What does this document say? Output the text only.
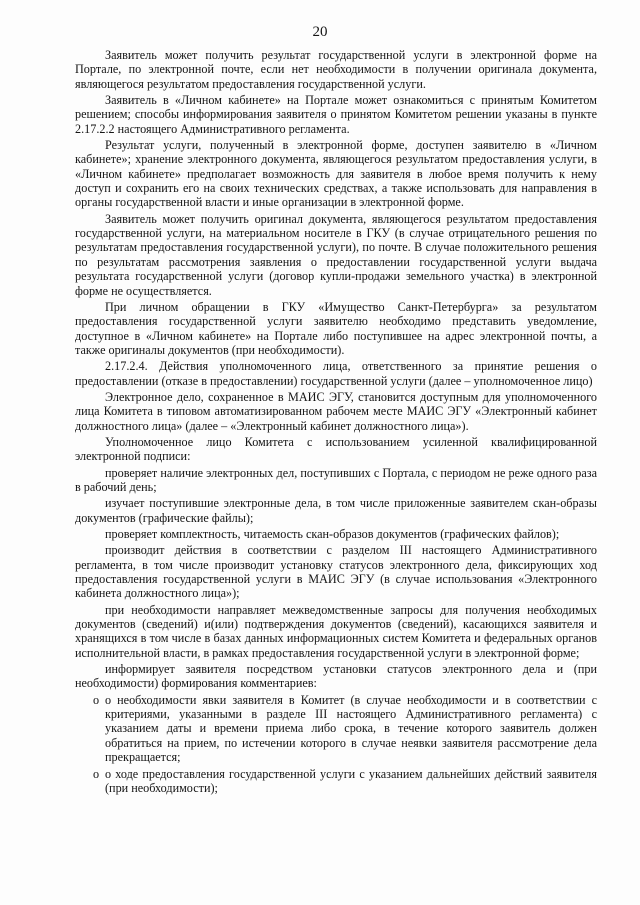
20

Заявитель может получить результат государственной услуги в электронной форме на Портале, по электронной почте, если нет необходимости в получении оригинала документа, являющегося результатом предоставления государственной услуги.

Заявитель в «Личном кабинете» на Портале может ознакомиться с принятым Комитетом решением; способы информирования заявителя о принятом Комитетом решении указаны в пункте 2.17.2.2 настоящего Административного регламента.

Результат услуги, полученный в электронной форме, доступен заявителю в «Личном кабинете»; хранение электронного документа, являющегося результатом предоставления услуги, в «Личном кабинете» предполагает возможность для заявителя в любое время получить к нему доступ и сохранить его на своих технических средствах, а также использовать для направления в органы государственной власти и иные организации в электронной форме.

Заявитель может получить оригинал документа, являющегося результатом предоставления государственной услуги, на материальном носителе в ГКУ (в случае отрицательного решения по результатам предоставления государственной услуги), по почте. В случае положительного решения по результатам рассмотрения заявления о предоставлении государственной услуги выдача результата государственной услуги (договор купли-продажи земельного участка) в электронной форме не осуществляется.

При личном обращении в ГКУ «Имущество Санкт-Петербурга» за результатом предоставления государственной услуги заявителю необходимо представить уведомление, доступное в «Личном кабинете» на Портале либо поступившее на адрес электронной почты, а также оригиналы документов (при необходимости).

2.17.2.4. Действия уполномоченного лица, ответственного за принятие решения о предоставлении (отказе в предоставлении) государственной услуги (далее – уполномоченное лицо)

Электронное дело, сохраненное в МАИС ЭГУ, становится доступным для уполномоченного лица Комитета в типовом автоматизированном рабочем месте МАИС ЭГУ «Электронный кабинет должностного лица» (далее – «Электронный кабинет должностного лица»).

Уполномоченное лицо Комитета с использованием усиленной квалифицированной электронной подписи:

проверяет наличие электронных дел, поступивших с Портала, с периодом не реже одного раза в рабочий день;

изучает поступившие электронные дела, в том числе приложенные заявителем скан-образы документов (графические файлы);

проверяет комплектность, читаемость скан-образов документов (графических файлов);

производит действия в соответствии с разделом III настоящего Административного регламента, в том числе производит установку статусов электронного дела, фиксирующих ход предоставления государственной услуги в МАИС ЭГУ (в случае использования «Электронного кабинета должностного лица»);

при необходимости направляет межведомственные запросы для получения необходимых документов (сведений) и(или) подтверждения документов (сведений), касающихся заявителя и хранящихся в том числе в базах данных информационных систем Комитета и федеральных органов исполнительной власти, в рамках предоставления государственной услуги в электронной форме;

информирует заявителя посредством установки статусов электронного дела и (при необходимости) формирования комментариев:

о о необходимости явки заявителя в Комитет (в случае необходимости и в соответствии с критериями, указанными в разделе III настоящего Административного регламента) с указанием даты и времени приема либо срока, в течение которого заявитель должен обратиться на прием, по истечении которого в случае неявки заявителя рассмотрение дела прекращается;

о о ходе предоставления государственной услуги с указанием дальнейших действий заявителя (при необходимости);
